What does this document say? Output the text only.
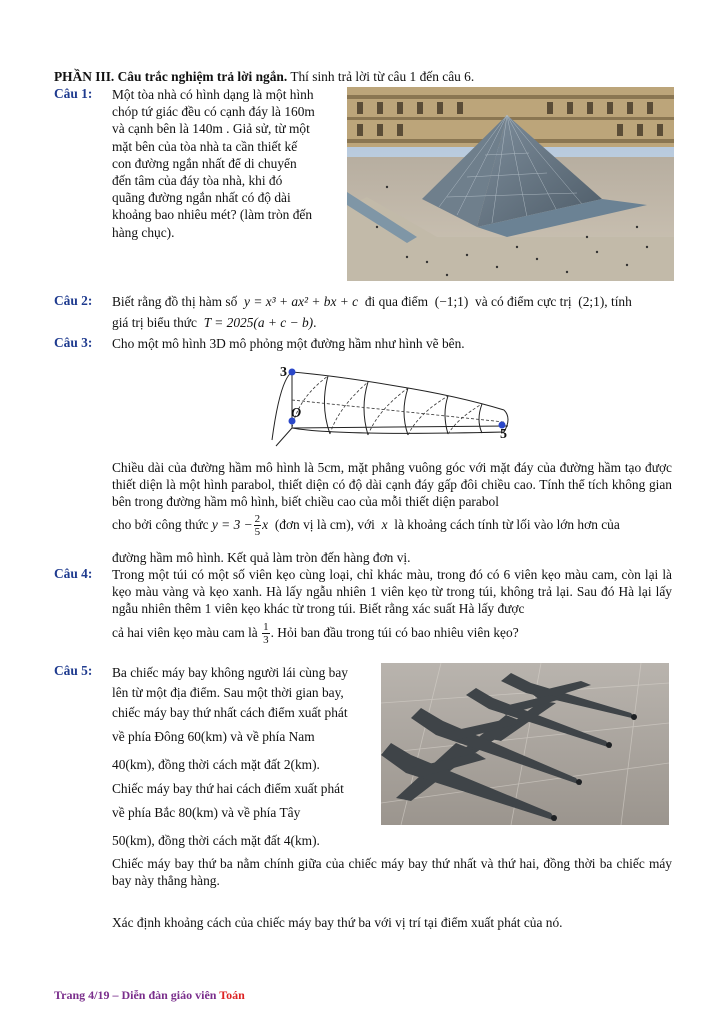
PHẦN III. Câu trắc nghiệm trả lời ngắn. Thí sinh trả lời từ câu 1 đến câu 6.
Câu 1: Một tòa nhà có hình dạng là một hình
chóp tứ giác đều có cạnh đáy là 160m
và cạnh bên là 140m . Giả sử, từ một
mặt bên của tòa nhà ta cần thiết kế
con đường ngắn nhất để di chuyển
đến tâm của đáy tòa nhà, khi đó
quãng đường ngắn nhất có độ dài
khoảng bao nhiêu mét? (làm tròn đến
hàng chục).
Câu 2: Biết rằng đồ thị hàm số y = x³ + ax² + bx + c đi qua điểm (−1;1) và có điểm cực trị (2;1), tính
giá trị biểu thức T = 2025(a + c − b).
Câu 3: Cho một mô hình 3D mô phỏng một đường hầm như hình vẽ bên.
3
O
5
Chiều dài của đường hầm mô hình là 5cm, mặt phẳng vuông góc với mặt đáy của đường hầm tạo được thiết diện là một hình parabol, thiết diện có độ dài cạnh đáy gấp đôi chiều cao. Tính thể tích không gian bên trong đường hầm mô hình, biết chiều cao của mỗi thiết diện parabol
cho bởi công thức $y = 3 - \frac{2}{5}$ x (đơn vị là cm), với x là khoảng cách tính từ lối vào lớn hơn của
đường hầm mô hình. Kết quả làm tròn đến hàng đơn vị.
Câu 4: Trong một túi có một số viên kẹo cùng loại, chỉ khác màu, trong đó có 6 viên kẹo màu cam, còn lại là kẹo màu vàng và kẹo xanh. Hà lấy ngẫu nhiên 1 viên kẹo từ trong túi, không trả lại. Sau đó Hà lại lấy ngẫu nhiên thêm 1 viên kẹo khác từ trong túi. Biết rằng xác suất Hà lấy được
cả hai viên kẹo màu cam là $\frac{1}{3}$ . Hỏi ban đầu trong túi có bao nhiêu viên kẹo?
Câu 5: Ba chiếc máy bay không người lái cùng bay
lên từ một địa điểm. Sau một thời gian bay,
chiếc máy bay thứ nhất cách điểm xuất phát
về phía Đông 60(km) và về phía Nam
40(km), đồng thời cách mặt đất 2(km).
Chiếc máy bay thứ hai cách điểm xuất phát
về phía Bắc 80(km) và về phía Tây
50(km), đồng thời cách mặt đất 4(km).
Chiếc máy bay thứ ba nằm chính giữa của chiếc máy bay thứ nhất và thứ hai, đồng thời ba chiếc máy bay này thẳng hàng.
Xác định khoảng cách của chiếc máy bay thứ ba với vị trí tại điểm xuất phát của nó.
Trang 4/19 – Diễn đàn giáo viên Toán
